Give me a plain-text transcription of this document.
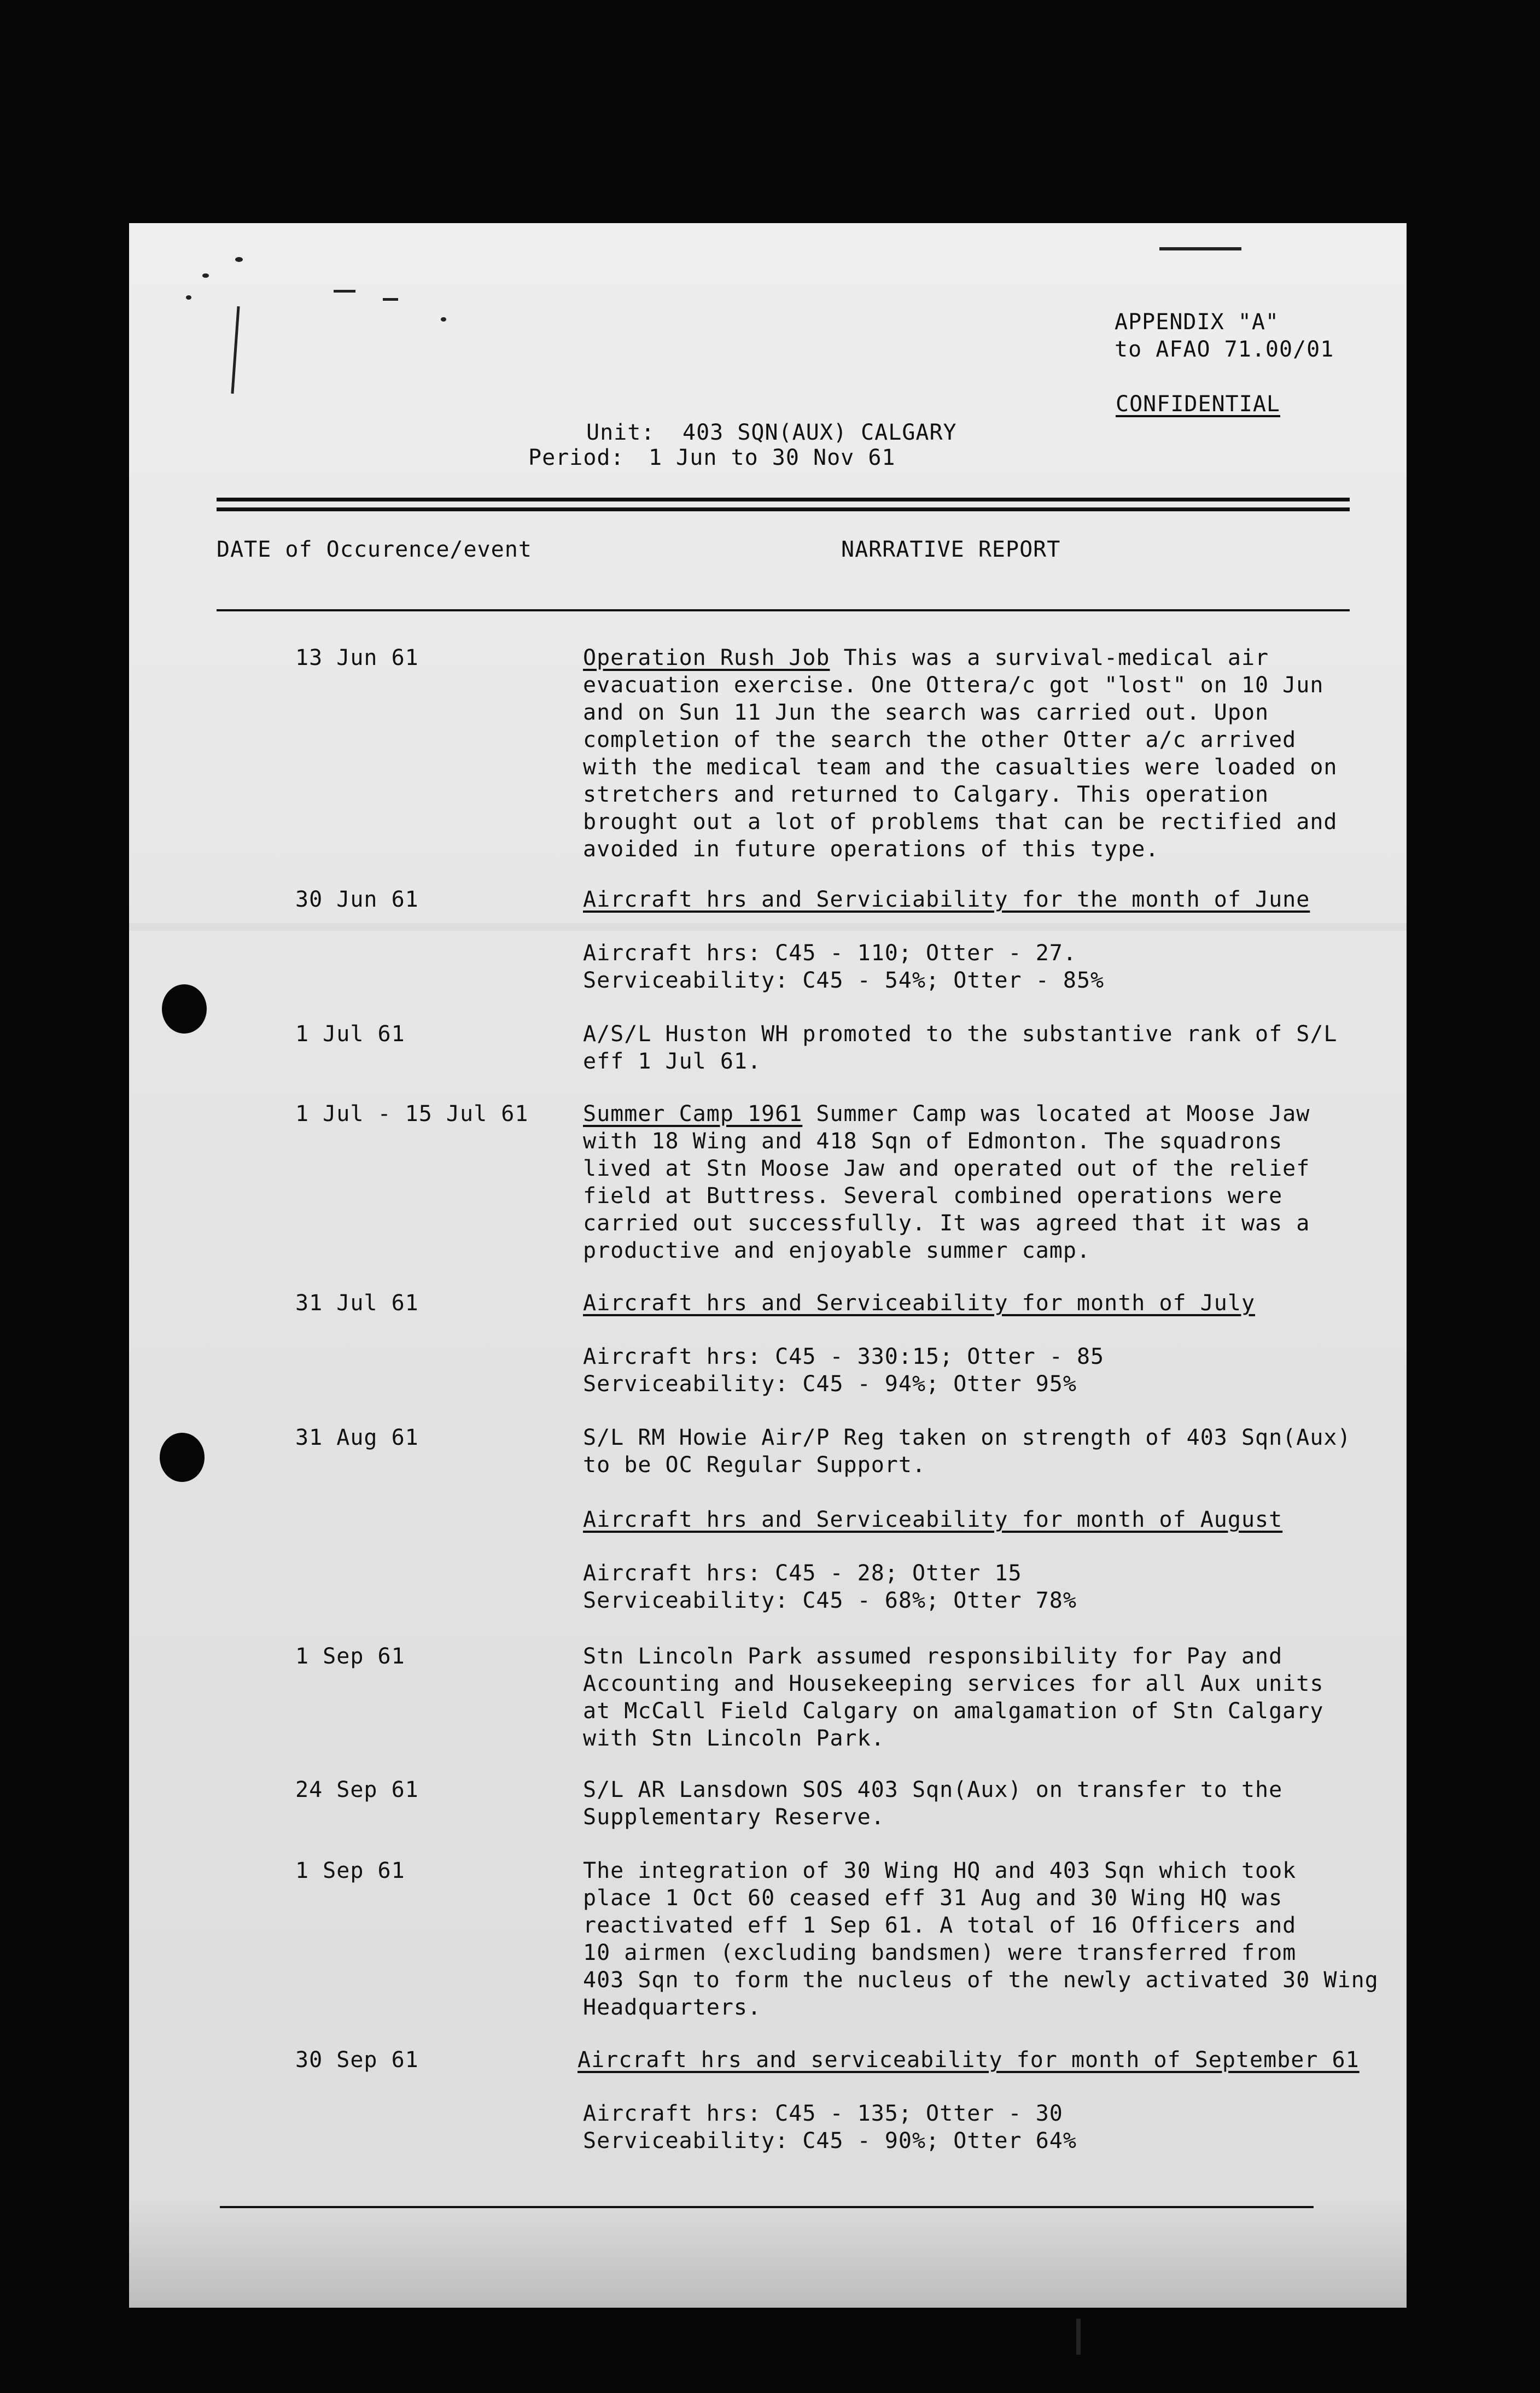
APPENDIX "A"
to AFAO 71.00/01
CONFIDENTIAL
Unit: 403 SQN(AUX) CALGARY
Period: 1 Jun to 30 Nov 61
DATE of Occurence/event	NARRATIVE REPORT
13 Jun 61	Operation Rush Job This was a survival-medical air
evacuation exercise. One Ottera/c got "lost" on 10 Jun
and on Sun 11 Jun the search was carried out. Upon
completion of the search the other Otter a/c arrived
with the medical team and the casualties were loaded on
stretchers and returned to Calgary. This operation
brought out a lot of problems that can be rectified and
avoided in future operations of this type.
30 Jun 61	Aircraft hrs and Serviciability for the month of June
Aircraft hrs: C45 - 110; Otter - 27.
Serviceability: C45 - 54%; Otter - 85%
1 Jul 61	A/S/L Huston WH promoted to the substantive rank of S/L
eff 1 Jul 61.
1 Jul - 15 Jul 61 Summer Camp 1961 Summer Camp was located at Moose Jaw
with 18 Wing and 418 Sqn of Edmonton. The squadrons
lived at Stn Moose Jaw and operated out of the relief
field at Buttress. Several combined operations were
carried out successfully. It was agreed that it was a
productive and enjoyable summer camp.
31 Jul 61	Aircraft hrs and Serviceability for month of July
Aircraft hrs: C45 - 330:15; Otter - 85
Serviceability: C45 - 94%; Otter 95%
31 Aug 61	S/L RM Howie Air/P Reg taken on strength of 403 Sqn(Aux)
to be OC Regular Support.
Aircraft hrs and Serviceability for month of August
Aircraft hrs: C45 - 28; Otter 15
Serviceability: C45 - 68%; Otter 78%
1 Sep 61	Stn Lincoln Park assumed responsibility for Pay and
Accounting and Housekeeping services for all Aux units
at McCall Field Calgary on amalgamation of Stn Calgary
with Stn Lincoln Park.
24 Sep 61	S/L AR Lansdown SOS 403 Sqn(Aux) on transfer to the
Supplementary Reserve.
1 Sep 61	The integration of 30 Wing HQ and 403 Sqn which took
place 1 Oct 60 ceased eff 31 Aug and 30 Wing HQ was
reactivated eff 1 Sep 61. A total of 16 Officers and
10 airmen (excluding bandsmen) were transferred from
403 Sqn to form the nucleus of the newly activated 30 Wing
Headquarters.
30 Sep 61	Aircraft hrs and serviceability for month of September 61
Aircraft hrs: C45 - 135; Otter - 30
Serviceability: C45 - 90%; Otter 64%
